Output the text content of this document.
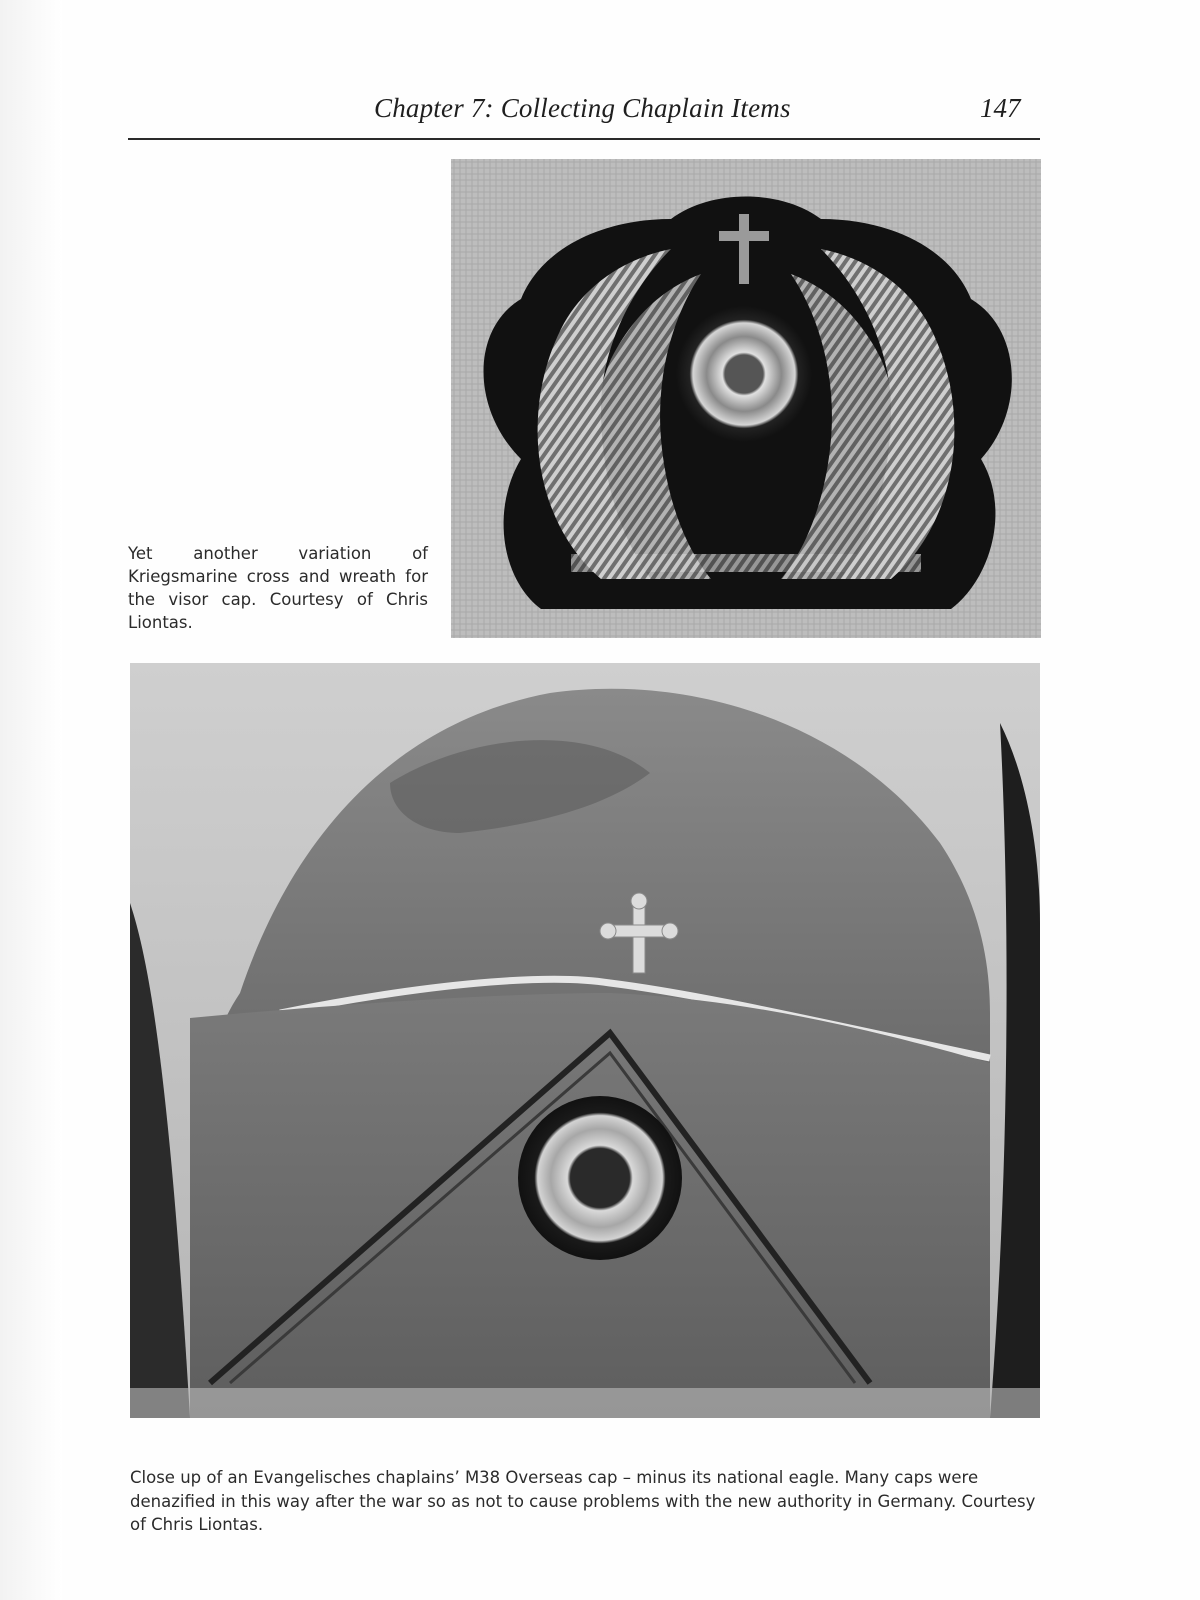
Chapter 7: Collecting Chaplain Items	147
Yet another variation of Kriegsmarine cross and wreath for the visor cap. Courtesy of Chris Liontas.
Close up of an Evangelisches chaplains’ M38 Overseas cap – minus its national eagle. Many caps were denazified in this way after the war so as not to cause problems with the new authority in Germany. Courtesy of Chris Liontas.
